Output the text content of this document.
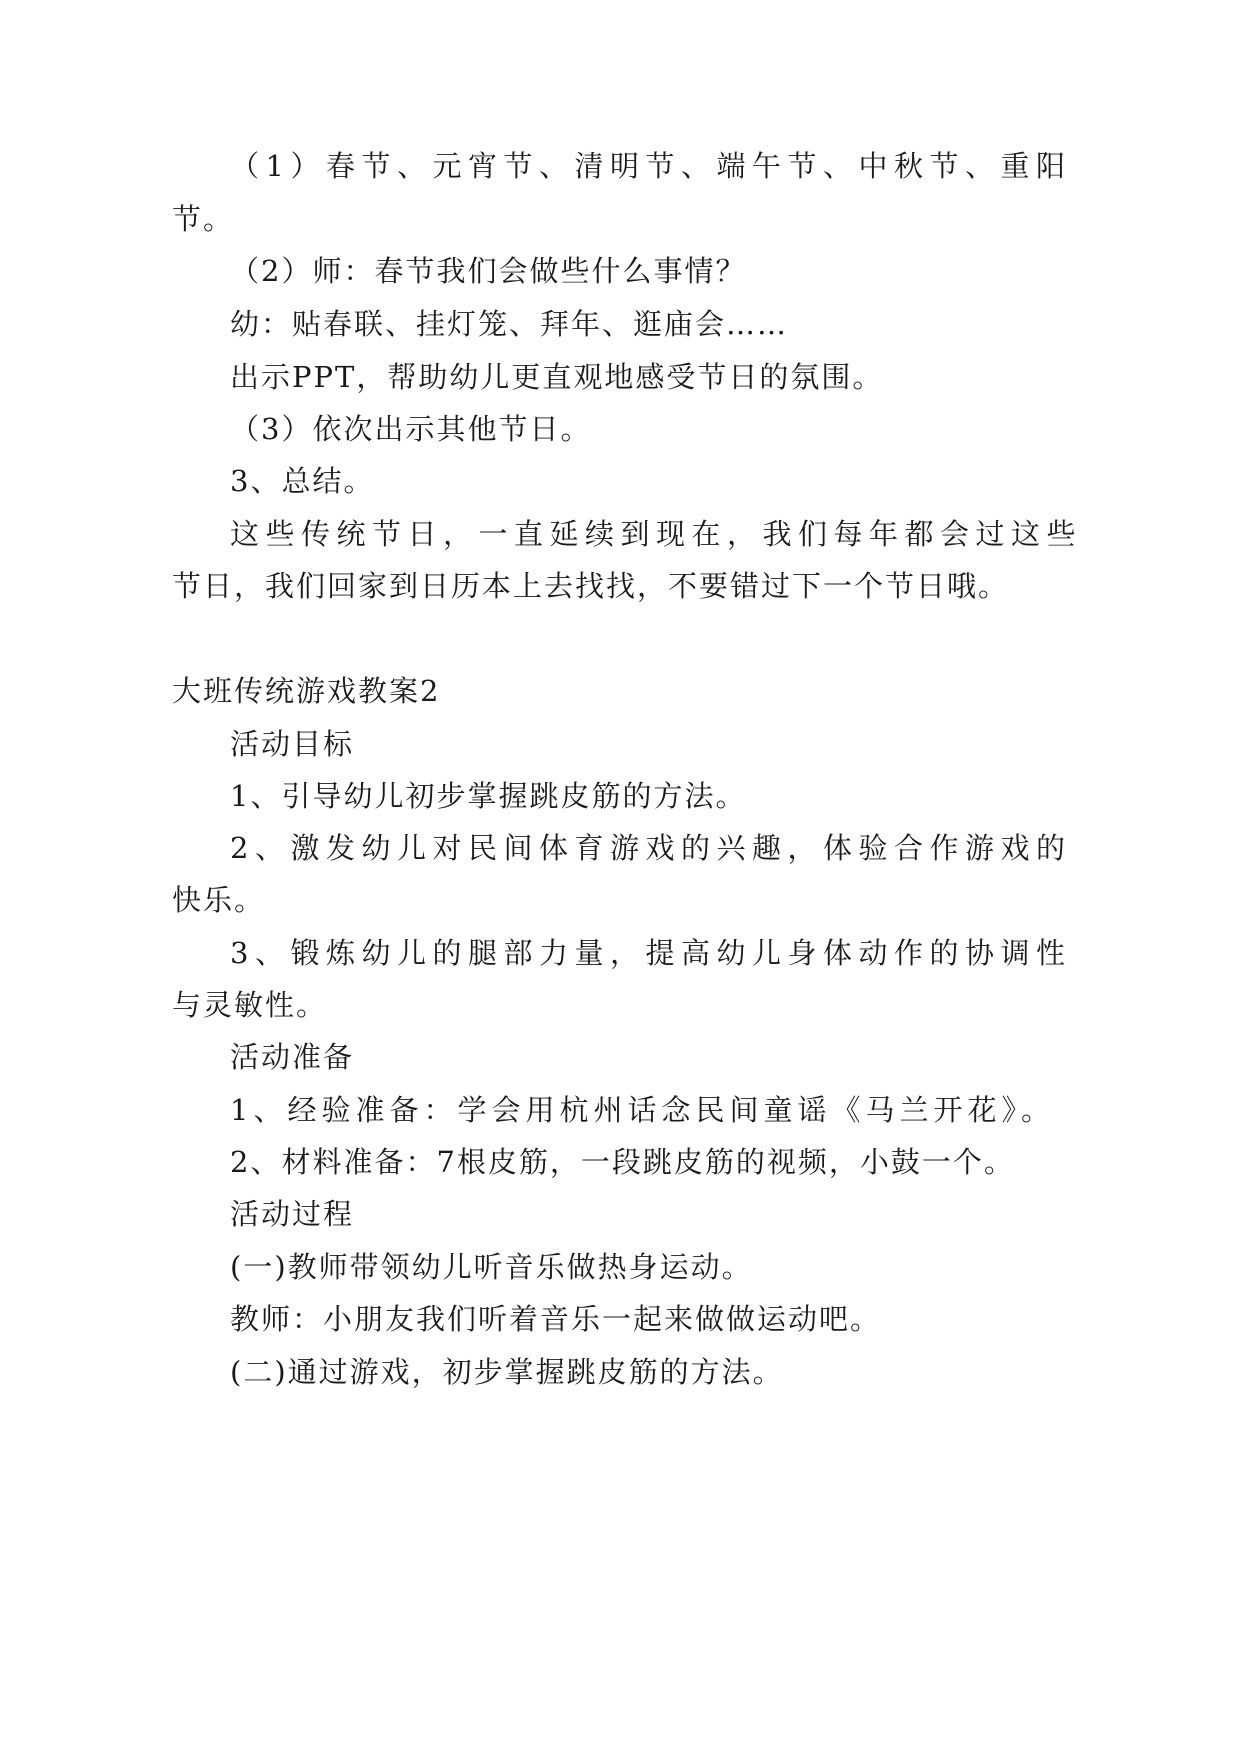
（1）春节、元宵节、清明节、端午节、中秋节、重阳
节。
（2）师：春节我们会做些什么事情？
幼：贴春联、挂灯笼、拜年、逛庙会……
出示PPT，帮助幼儿更直观地感受节日的氛围。
（3）依次出示其他节日。
3、总结。
这些传统节日，一直延续到现在，我们每年都会过这些
节日，我们回家到日历本上去找找，不要错过下一个节日哦。
大班传统游戏教案2
活动目标
1、引导幼儿初步掌握跳皮筋的方法。
2、激发幼儿对民间体育游戏的兴趣，体验合作游戏的
快乐。
3、锻炼幼儿的腿部力量，提高幼儿身体动作的协调性
与灵敏性。
活动准备
1、经验准备：学会用杭州话念民间童谣《马兰开花》。
2、材料准备：7根皮筋，一段跳皮筋的视频，小鼓一个。
活动过程
(一)教师带领幼儿听音乐做热身运动。
教师：小朋友我们听着音乐一起来做做运动吧。
(二)通过游戏，初步掌握跳皮筋的方法。
